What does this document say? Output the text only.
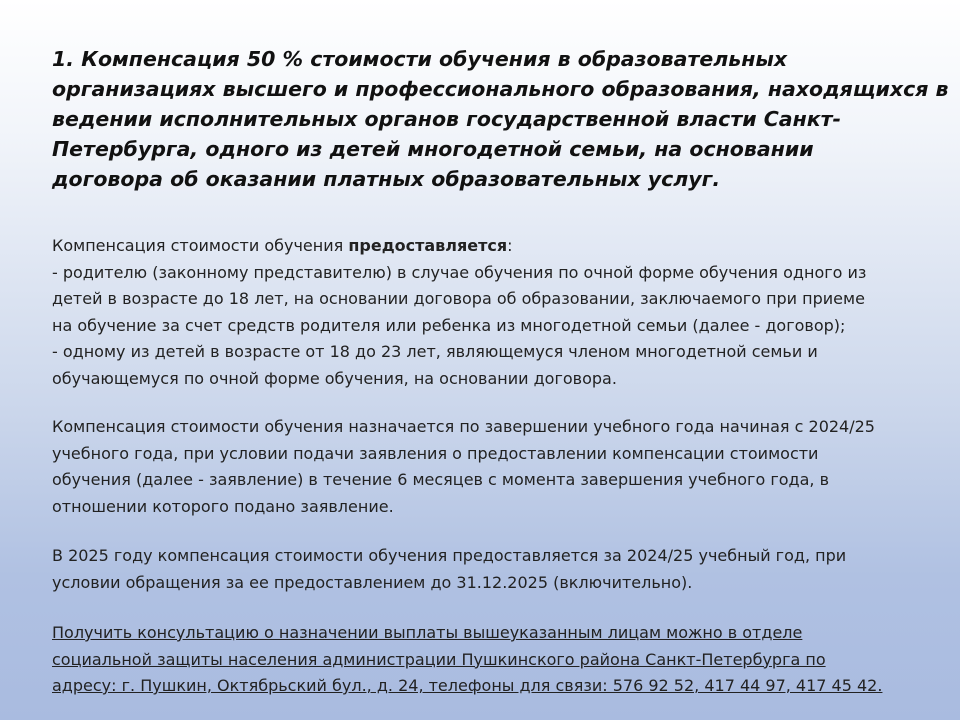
1. Компенсация 50 % стоимости обучения в образовательных
организациях высшего и профессионального образования, находящихся в
ведении исполнительных органов государственной власти Санкт-
Петербурга, одного из детей многодетной семьи, на основании
договора об оказании платных образовательных услуг.
Компенсация стоимости обучения предоставляется:
- родителю (законному представителю) в случае обучения по очной форме обучения одного из
детей в возрасте до 18 лет, на основании договора об образовании, заключаемого при приеме
на обучение за счет средств родителя или ребенка из многодетной семьи (далее - договор);
- одному из детей в возрасте от 18 до 23 лет, являющемуся членом многодетной семьи и
обучающемуся по очной форме обучения, на основании договора.
Компенсация стоимости обучения назначается по завершении учебного года начиная с 2024/25
учебного года, при условии подачи заявления о предоставлении компенсации стоимости
обучения (далее - заявление) в течение 6 месяцев с момента завершения учебного года, в
отношении которого подано заявление.
В 2025 году компенсация стоимости обучения предоставляется за 2024/25 учебный год, при
условии обращения за ее предоставлением до 31.12.2025 (включительно).
Получить консультацию о назначении выплаты вышеуказанным лицам можно в отделе
социальной защиты населения администрации Пушкинского района Санкт-Петербурга по
адресу: г. Пушкин, Октябрьский бул., д. 24, телефоны для связи: 576 92 52, 417 44 97, 417 45 42.
